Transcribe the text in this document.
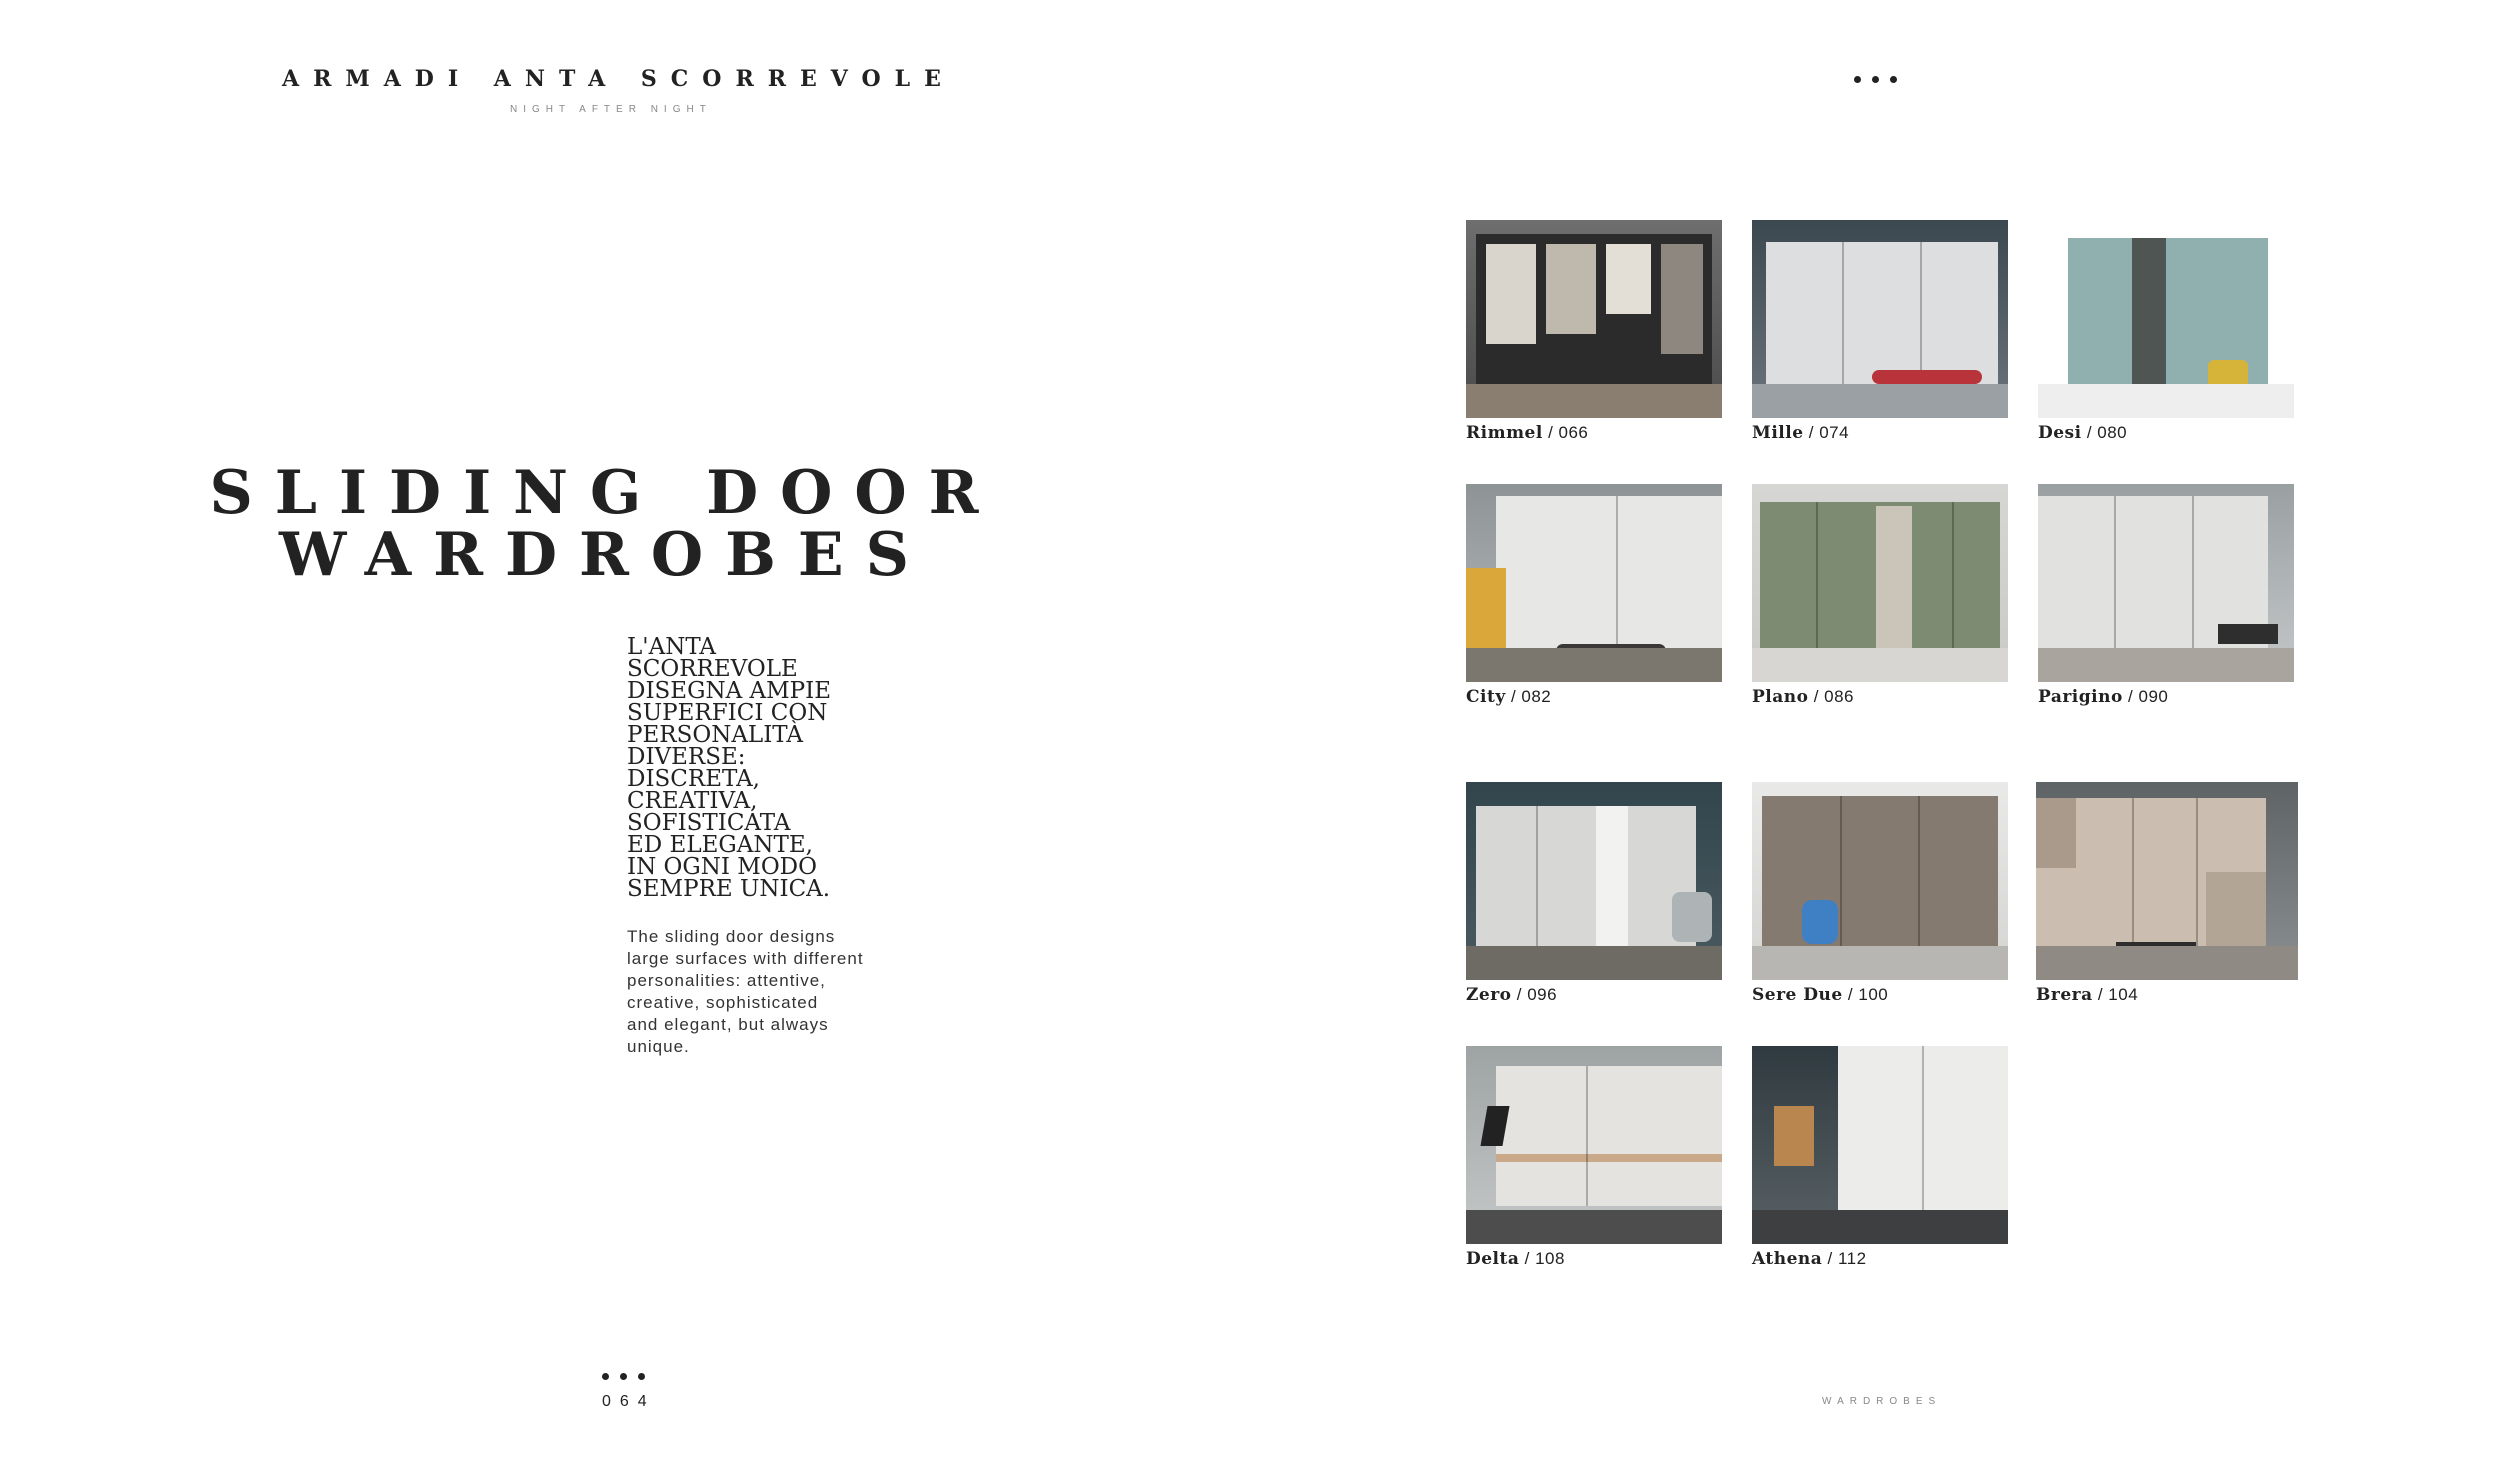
ARMADI ANTA SCORREVOLE
NIGHT AFTER NIGHT
SLIDING DOOR
WARDROBES
L'ANTA
SCORREVOLE
DISEGNA AMPIE
SUPERFICI CON
PERSONALITÀ
DIVERSE:
DISCRETA,
CREATIVA,
SOFISTICATA
ED ELEGANTE,
IN OGNI MODO
SEMPRE UNICA.
The sliding door designs
large surfaces with different
personalities: attentive,
creative, sophisticated
and elegant, but always
unique.
Rimmel / 066	Mille / 074	Desi / 080
City / 082	Plano / 086	Parigino / 090
Zero / 096	Sere Due / 100	Brera / 104
Delta / 108	Athena / 112
064	WARDROBES
